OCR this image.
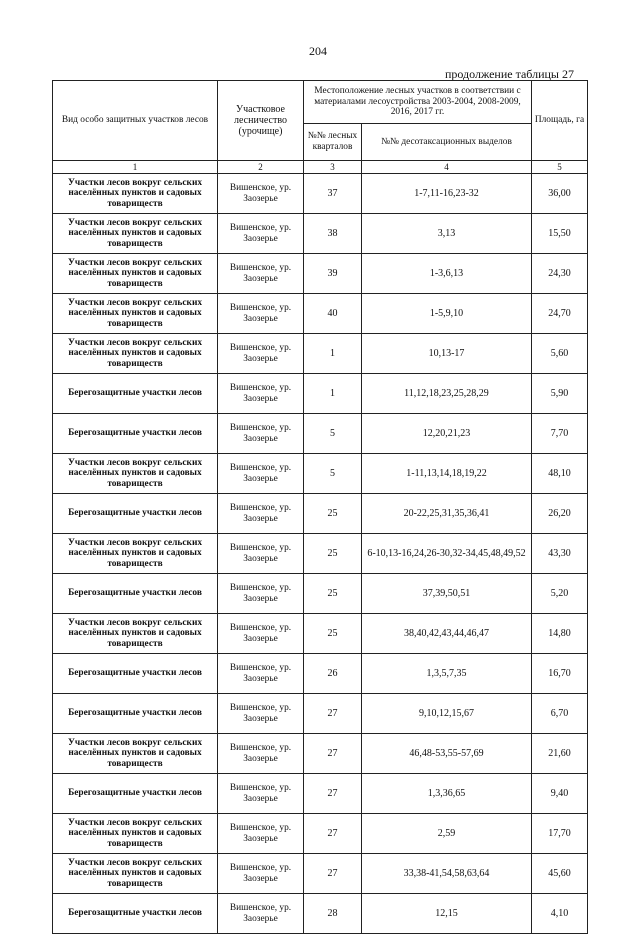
204
продолжение таблицы 27
Вид особо защитных участков лесов	Участковое лесничество (урочище)	Местоположение лесных участков в соответствии с материалами лесоустройства 2003-2004, 2008-2009, 2016, 2017 гг.		Площадь, га
		№№ лесных кварталов	№№ десотаксационных выделов	
1	2	3	4	5
Участки лесов вокруг сельских населённых пунктов и садовых товариществ	Вишенское, ур. Заозерье	37	1-7,11-16,23-32	36,00
Участки лесов вокруг сельских населённых пунктов и садовых товариществ	Вишенское, ур. Заозерье	38	3,13	15,50
Участки лесов вокруг сельских населённых пунктов и садовых товариществ	Вишенское, ур. Заозерье	39	1-3,6,13	24,30
Участки лесов вокруг сельских населённых пунктов и садовых товариществ	Вишенское, ур. Заозерье	40	1-5,9,10	24,70
Участки лесов вокруг сельских населённых пунктов и садовых товариществ	Вишенское, ур. Заозерье	1	10,13-17	5,60
Берегозащитные участки лесов	Вишенское, ур. Заозерье	1	11,12,18,23,25,28,29	5,90
Берегозащитные участки лесов	Вишенское, ур. Заозерье	5	12,20,21,23	7,70
Участки лесов вокруг сельских населённых пунктов и садовых товариществ	Вишенское, ур. Заозерье	5	1-11,13,14,18,19,22	48,10
Берегозащитные участки лесов	Вишенское, ур. Заозерье	25	20-22,25,31,35,36,41	26,20
Участки лесов вокруг сельских населённых пунктов и садовых товариществ	Вишенское, ур. Заозерье	25	6-10,13-16,24,26-30,32-34,45,48,49,52	43,30
Берегозащитные участки лесов	Вишенское, ур. Заозерье	25	37,39,50,51	5,20
Участки лесов вокруг сельских населённых пунктов и садовых товариществ	Вишенское, ур. Заозерье	25	38,40,42,43,44,46,47	14,80
Берегозащитные участки лесов	Вишенское, ур. Заозерье	26	1,3,5,7,35	16,70
Берегозащитные участки лесов	Вишенское, ур. Заозерье	27	9,10,12,15,67	6,70
Участки лесов вокруг сельских населённых пунктов и садовых товариществ	Вишенское, ур. Заозерье	27	46,48-53,55-57,69	21,60
Берегозащитные участки лесов	Вишенское, ур. Заозерье	27	1,3,36,65	9,40
Участки лесов вокруг сельских населённых пунктов и садовых товариществ	Вишенское, ур. Заозерье	27	2,59	17,70
Участки лесов вокруг сельских населённых пунктов и садовых товариществ	Вишенское, ур. Заозерье	27	33,38-41,54,58,63,64	45,60
Берегозащитные участки лесов	Вишенское, ур. Заозерье	28	12,15	4,10
